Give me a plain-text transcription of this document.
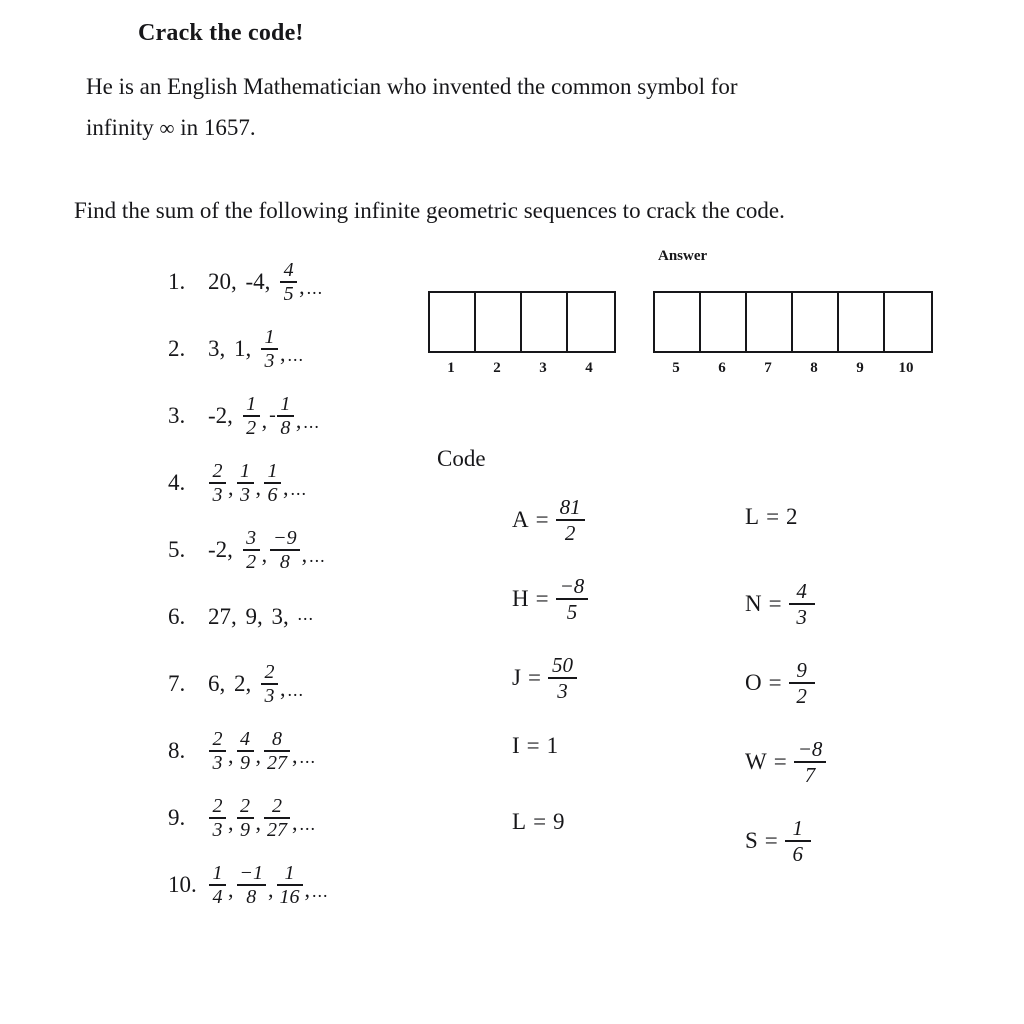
Crack the code!
He is an English Mathematician who invented the common symbol for
infinity ∞ in 1657.
Find the sum of the following infinite geometric sequences to crack the code.
1. 20, -4, $\frac{4}{5}$ , ...
2. 3, 1, $\frac{1}{3}$ , ...
3. -2, $\frac{1}{2}$ , - $\frac{1}{8}$ , ...
4.	$\frac{2}{3}$ , $\frac{1}{3}$ , $\frac{1}{6}$ , ...
5. -2, $\frac{3}{2}$ , $\frac{-9}{8}$ , ...
6. 27, 9, 3, ...
7. 6, 2, $\frac{2}{3}$ , ...
8.	$\frac{2}{3}$ , $\frac{4}{9}$ , $\frac{8}{27}$ , ...
9.	$\frac{2}{3}$ , $\frac{2}{9}$ , $\frac{2}{27}$ , ...
10. $\frac{1}{4}$ , $\frac{-1}{8}$ , $\frac{1}{16}$ , ...
Answer
1	2	3	4	5	6	7	8	9	10
Code
$A = \frac{81}{2}$
$H = \frac{-8}{5}$
$J = \frac{50}{3}$
I = 1
L = 9
L = 2
$N = \frac{4}{3}$
$O = \frac{9}{2}$
$W = \frac{-8}{7}$
$S = \frac{1}{6}$
